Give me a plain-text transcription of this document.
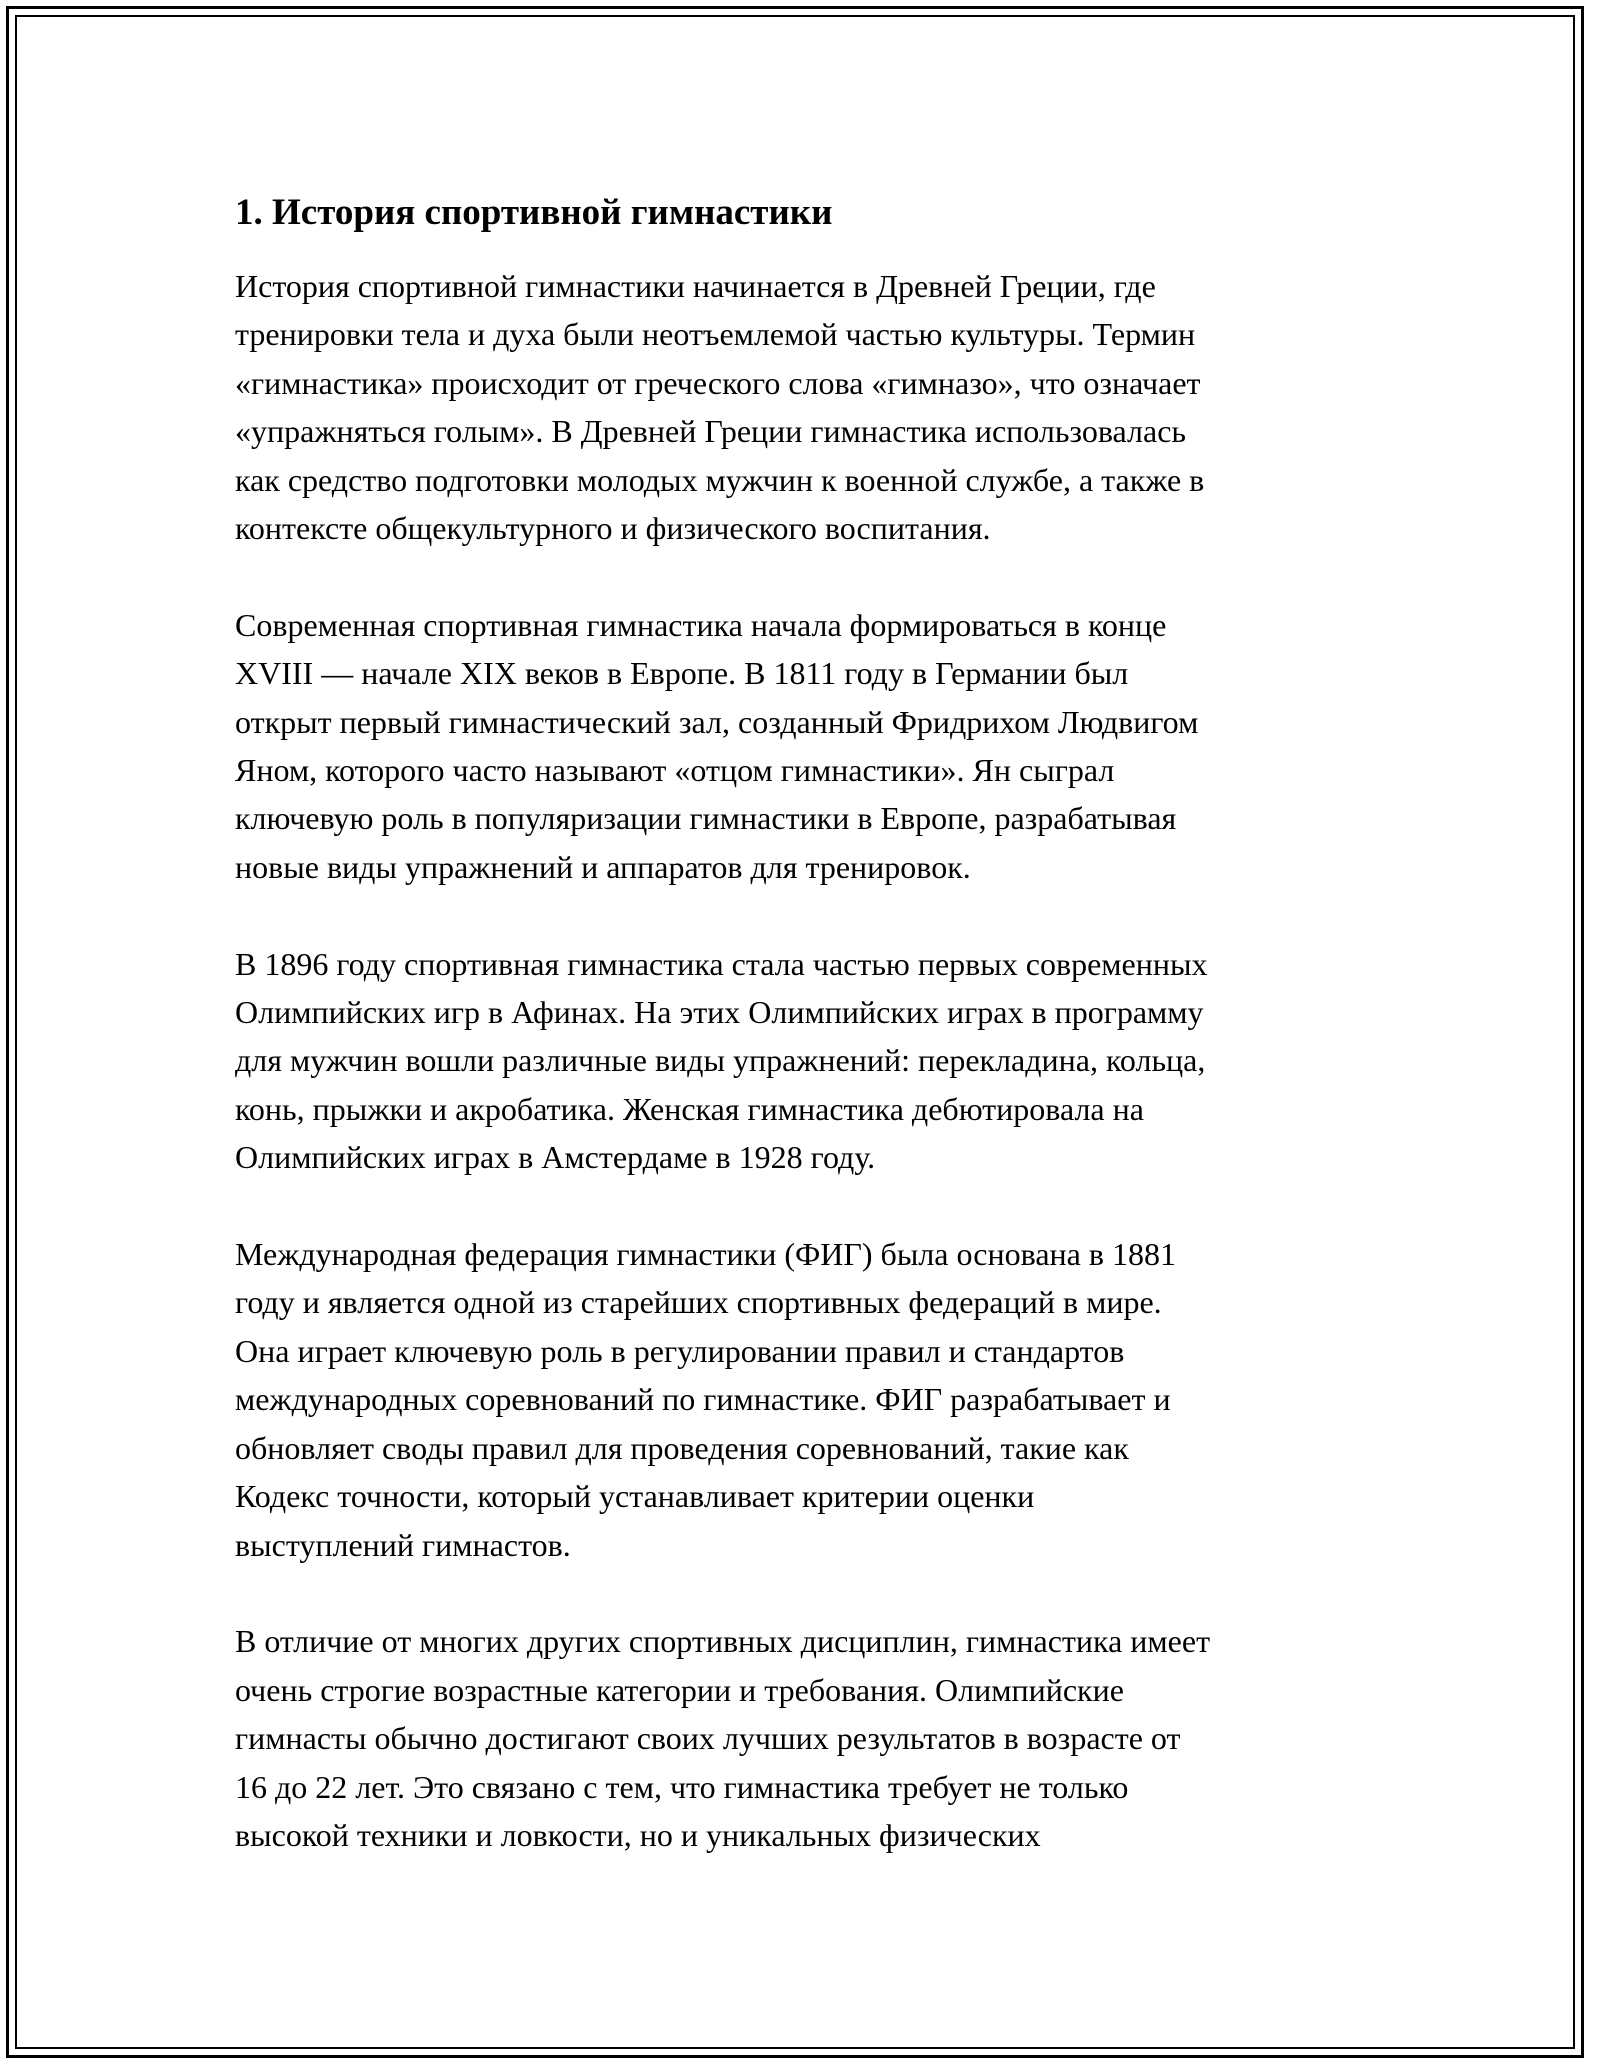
1. История спортивной гимнастики

История спортивной гимнастики начинается в Древней Греции, где
тренировки тела и духа были неотъемлемой частью культуры. Термин
«гимнастика» происходит от греческого слова «гимназо», что означает
«упражняться голым». В Древней Греции гимнастика использовалась
как средство подготовки молодых мужчин к военной службе, а также в
контексте общекультурного и физического воспитания.

Современная спортивная гимнастика начала формироваться в конце
XVIII — начале XIX веков в Европе. В 1811 году в Германии был
открыт первый гимнастический зал, созданный Фридрихом Людвигом
Яном, которого часто называют «отцом гимнастики». Ян сыграл
ключевую роль в популяризации гимнастики в Европе, разрабатывая
новые виды упражнений и аппаратов для тренировок.

В 1896 году спортивная гимнастика стала частью первых современных
Олимпийских игр в Афинах. На этих Олимпийских играх в программу
для мужчин вошли различные виды упражнений: перекладина, кольца,
конь, прыжки и акробатика. Женская гимнастика дебютировала на
Олимпийских играх в Амстердаме в 1928 году.

Международная федерация гимнастики (ФИГ) была основана в 1881
году и является одной из старейших спортивных федераций в мире.
Она играет ключевую роль в регулировании правил и стандартов
международных соревнований по гимнастике. ФИГ разрабатывает и
обновляет своды правил для проведения соревнований, такие как
Кодекс точности, который устанавливает критерии оценки
выступлений гимнастов.

В отличие от многих других спортивных дисциплин, гимнастика имеет
очень строгие возрастные категории и требования. Олимпийские
гимнасты обычно достигают своих лучших результатов в возрасте от
16 до 22 лет. Это связано с тем, что гимнастика требует не только
высокой техники и ловкости, но и уникальных физических
